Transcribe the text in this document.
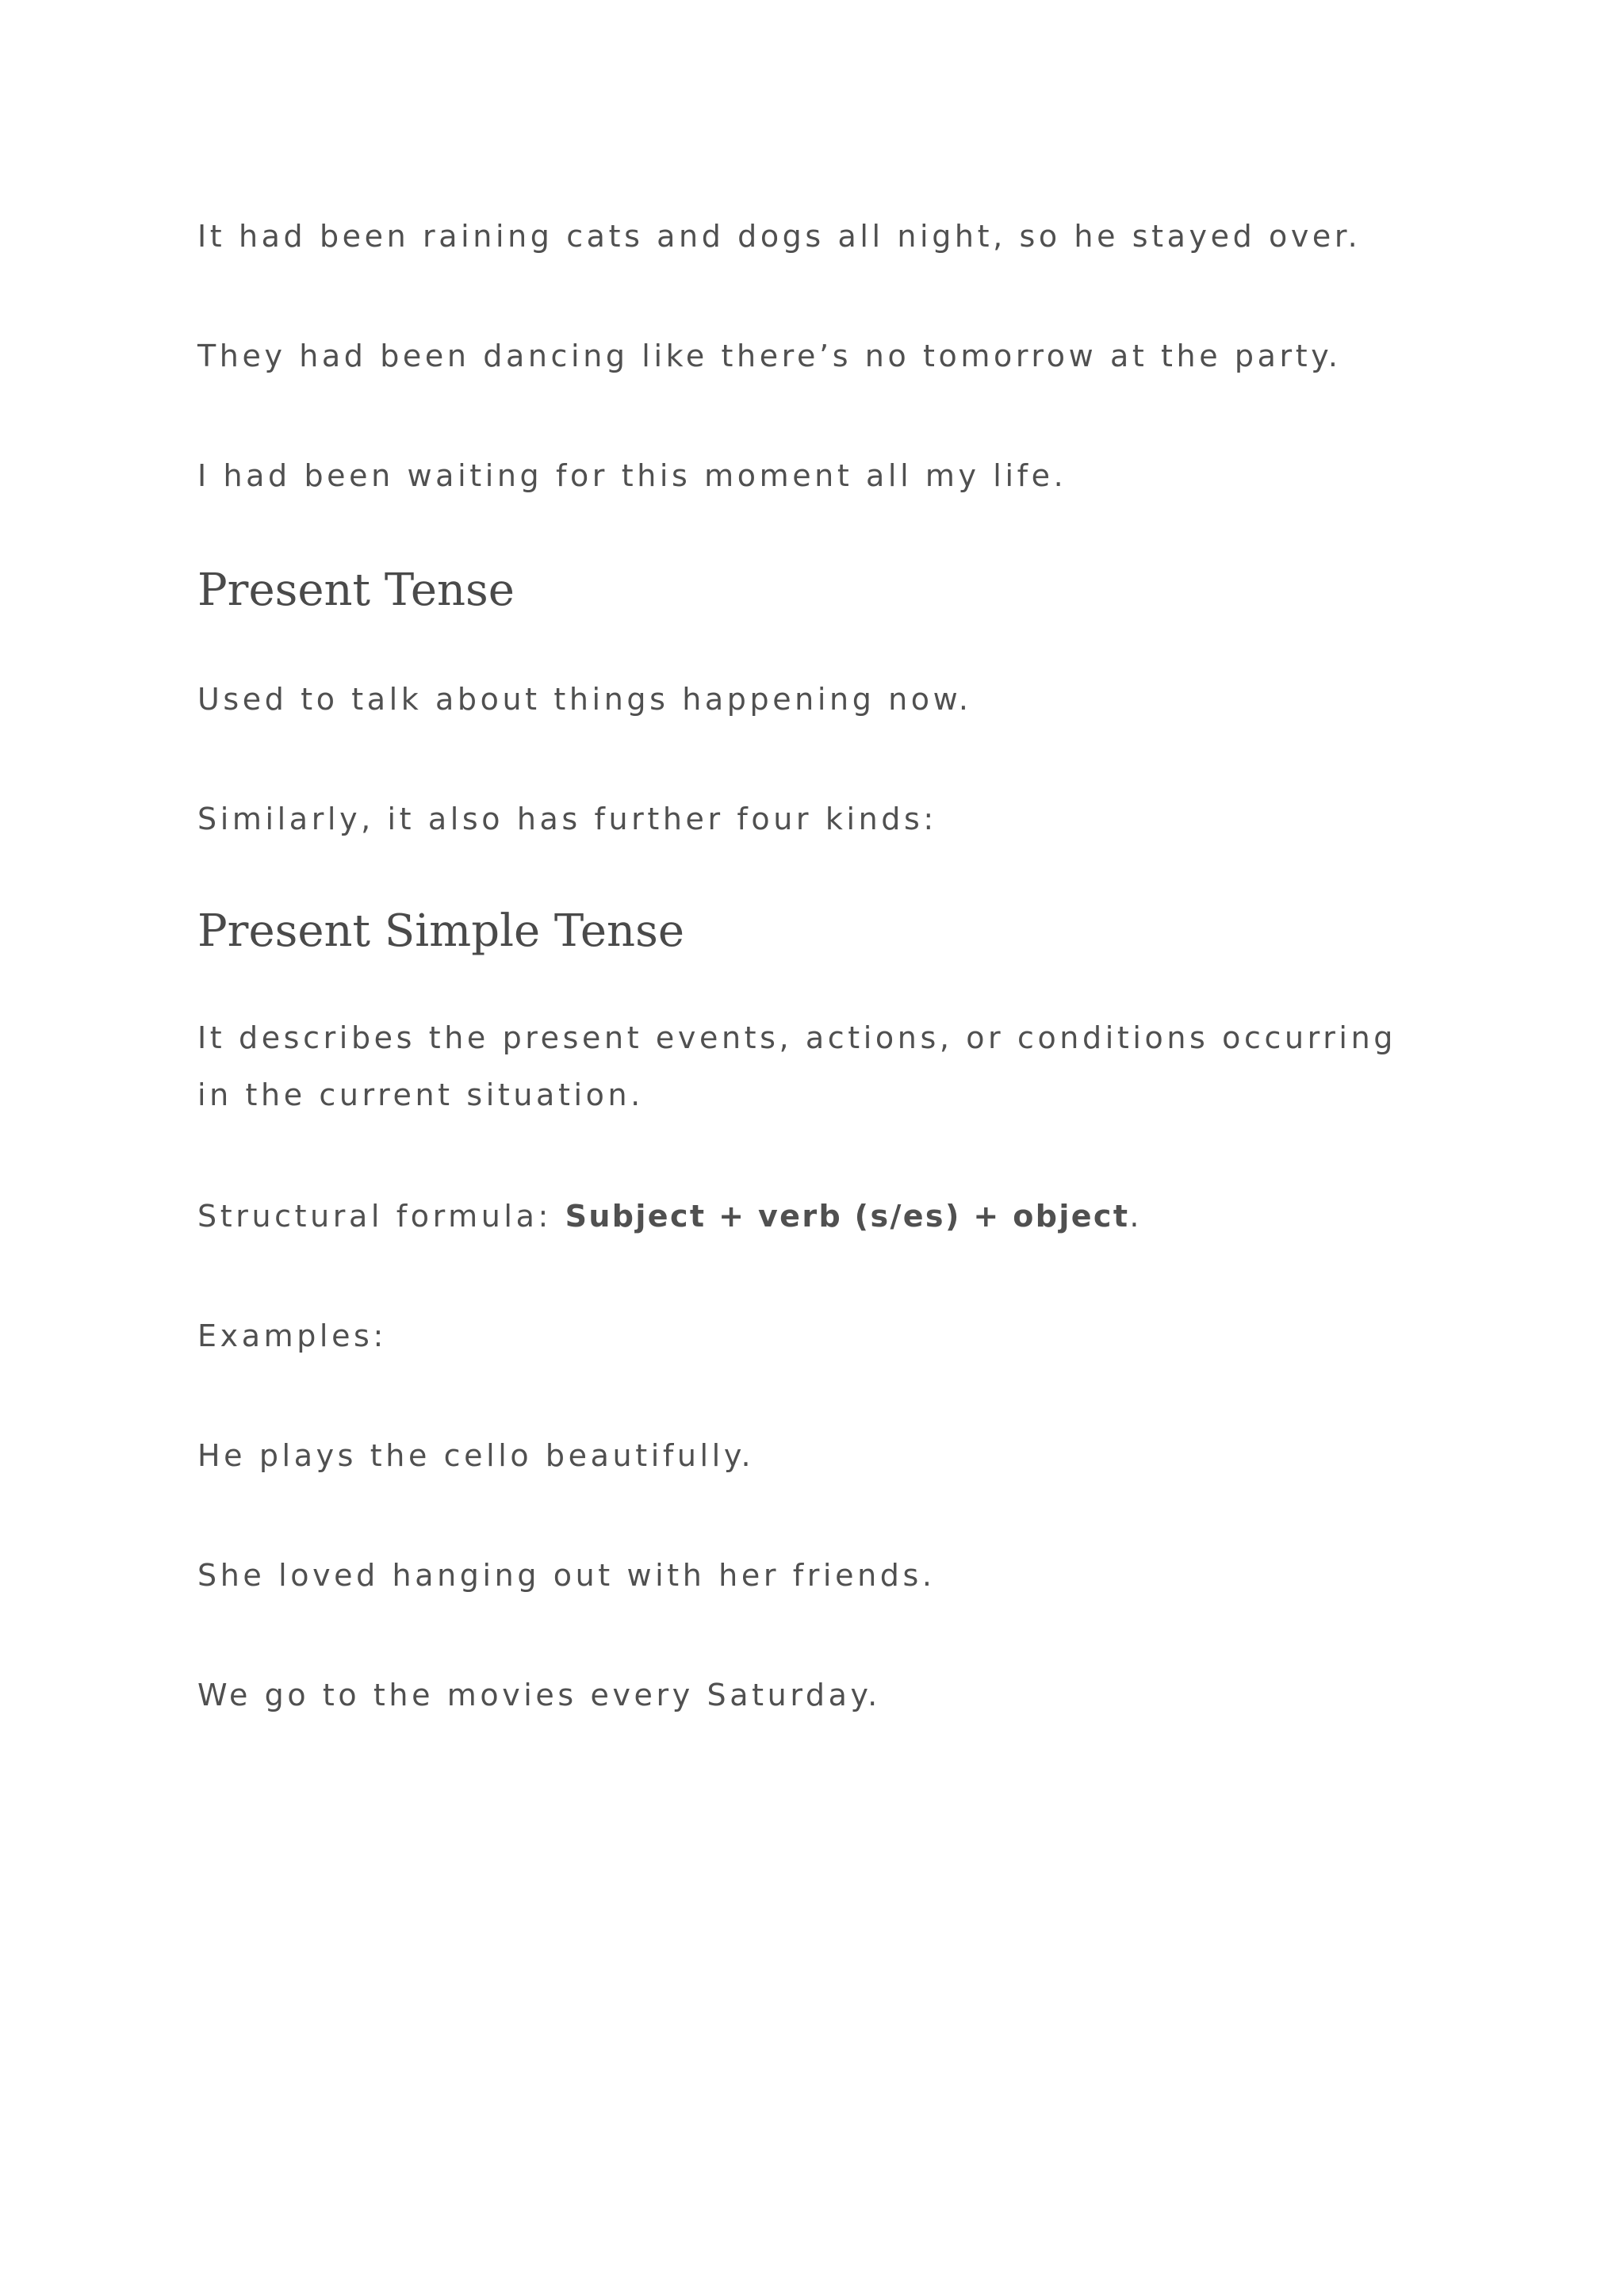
It had been raining cats and dogs all night, so he stayed over.

They had been dancing like there’s no tomorrow at the party.

I had been waiting for this moment all my life.

Present Tense

Used to talk about things happening now.

Similarly, it also has further four kinds:

Present Simple Tense

It describes the present events, actions, or conditions occurring in the current situation.

Structural formula: Subject + verb (s/es) + object.

Examples:

He plays the cello beautifully.

She loved hanging out with her friends.

We go to the movies every Saturday.
